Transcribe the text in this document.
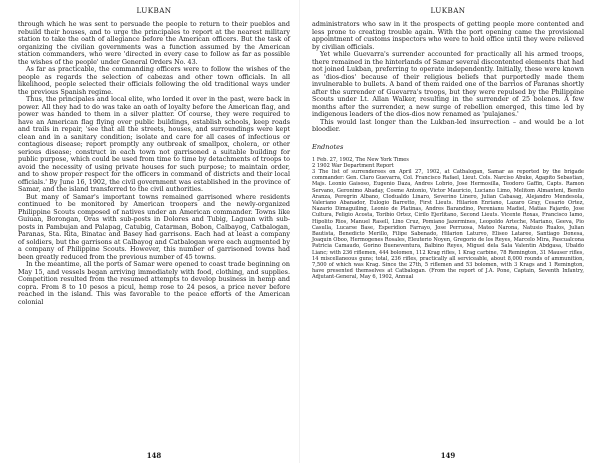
LUKBAN

through which he was sent to persuade the people to return to their pueblos and rebuild their houses, and to urge the principales to report at the nearest military station to take the oath of allegiance before the American officers. But the task of organizing the civilian governments was a function assumed by the American station commanders, who were 'directed in every case to follow as far as possible the wishes of the people' under General Orders No. 43.

As far as practicable, the commanding officers were to follow the wishes of the people as regards the selection of cabezas and other town officials. In all likelihood, people selected their officials following the old traditional ways under the previous Spanish regime.

Thus, the principales and local elite, who lorded it over in the past, were back in power. All they had to do was take an oath of loyalty before the American flag, and power was handed to them in a silver platter. Of course, they were required to have an American flag flying over public buildings, establish schools, keep roads and trails in repair, 'see that all the streets, houses, and surroundings were kept clean and in a sanitary condition; isolate and care for all cases of infectious or contagious disease; report promptly any outbreak of smallpox, cholera, or other serious disease; construct in each town not garrisoned a suitable building for public purpose, which could be used from time to time by detachments of troops to avoid the necessity of using private houses for such purpose; to maintain order, and to show proper respect for the officers in command of districts and their local officials.' By June 16, 1902, the civil government was established in the province of Samar, and the island transferred to the civil authorities.

But many of Samar's important towns remained garrisoned where residents continued to be monitored by American troopers and the newly-organized Philippine Scouts composed of natives under an American commander. Towns like Guiuan, Borongan, Oras with sub-posts in Dolores and Tubig, Laguan with sub-posts in Pambujan and Palapag, Catubig, Catarman, Bobon, Calbayog, Catbalogan, Paranas, Sta. Rita, Binatac and Basey had garrisons. Each had at least a company of soldiers, but the garrisons at Calbayog and Catbalogan were each augmented by a company of Philippine Scouts. However, this number of garrisoned towns had been greatly reduced from the previous number of 45 towns.

In the meantime, all the ports of Samar were opened to coast trade beginning on May 15, and vessels began arriving immediately with food, clothing, and supplies. Competition resulted from the resumed attempts to develop business in hemp and copra. From 8 to 10 pesos a picul, hemp rose to 24 pesos, a price never before reached in the island. This was favorable to the peace efforts of the American colonial

148
LUKBAN

administrators who saw in it the prospects of getting people more contented and less prone to creating trouble again. With the port opening came the provisional appointment of customs inspectors who were to hold office until they were relieved by civilian officials.

Yet while Guevarra's surrender accounted for practically all his armed troops, there remained in the hinterlands of Samar several discontented elements that had not joined Lukban, preferring to operate independently. Initially, these were known as 'dios-dios' because of their religious beliefs that purportedly made them invulnerable to bullets. A band of them raided one of the barrios of Paranas shortly after the surrender of Guevarra's troops, but they were repulsed by the Philippine Scouts under Lt. Allan Walker, resulting in the surrender of 25 bolenos. A few months after the surrender, a new surge of rebellion emerged, this time led by indigenous leaders of the dios-dios now renamed as 'pulajanes.'

This would last longer than the Lukban-led insurrection – and would be a lot bloodier.

Endnotes

1 Feb. 27, 1902, The New York Times

2 1902 War Department Report

3 The list of surrenderees on April 27, 1902, at Catbalogan, Samar as reported by the brigade commander: Gen. Claro Guevarra, Col. Francisco Rafael, Lieut. Cols. Narciso Abuke, Agapito Sebastian, Majs. Leonio Gaisoso, Eugenio Daza, Andres Lobrio, Jose Hermosilla, Teodoro Gaffin, Capts. Ramon Servano, Geronimo Abaday, Cosme Antonio, Victor Mauricio, Luciano Limo, Melitom Almanteni, Benito Aranza, Peregrin Albano, Clodualdo Linaro, Severino Linero, Julian Cabasag, Alejandro Mendesola, Valeriano Abanador, Eulogio Barretto, First Lieuts. Hilarion Enriano, Lazaro Gray, Cesario Ortez, Nazario Dimaguiling, Leonio de Platinas, Andres Barandino, Perenianu Madiel, Matias Fajardo, Jose Cultura, Feligio Acosta, Toribio Ortez, Cirilo Ejerlitano, Second Lieuts. Vicente Roxas, Francisco Iamo, Hipolito Rios, Manuel Rasell, Lino Cruz, Pomiano Jazermines, Leopoldo Arteche, Mariano, Geeva, Pio Casulla, Lucarse Base, Esperidion Farrayo, Jose Perruosa, Mateo Narona, Natusio Rualos, Julian Bautista, Benedicto Merillo, Filipe Sabenado, Hilarion Laturvo, Eliseo Lataree, Santiago Donesa, Joaquin Oboo, Hermogenes Rosales, Eleuterio Noyen, Gregorio de los Reyes, Marcelo Mira, Pascualcona Patricia Camaudo, Gorino Bueneventura, Balbino Reyes, Miguel dela Sala Valentin Abdgasa, Ubaldo Lianc; with 236 riflemen, 444 bolomen, 112 Krag rifles, 1 Krag carbine, 78 Remington, 31 Mauser rifles, 14 miscellaneous guns; total, 236 rifles, practically all serviceable, about 8,000 rounds of ammunition, 7,500 of which was Krag. Since the 27th, 5 riflemen and 53 bolomen, with 3 Krags and 1 Remington, have presented themselves at Catbalogan. (From the report of J.A. Pone, Captain, Seventh Infantry, Adjutant-General, May 6, 1902, Annual

149
